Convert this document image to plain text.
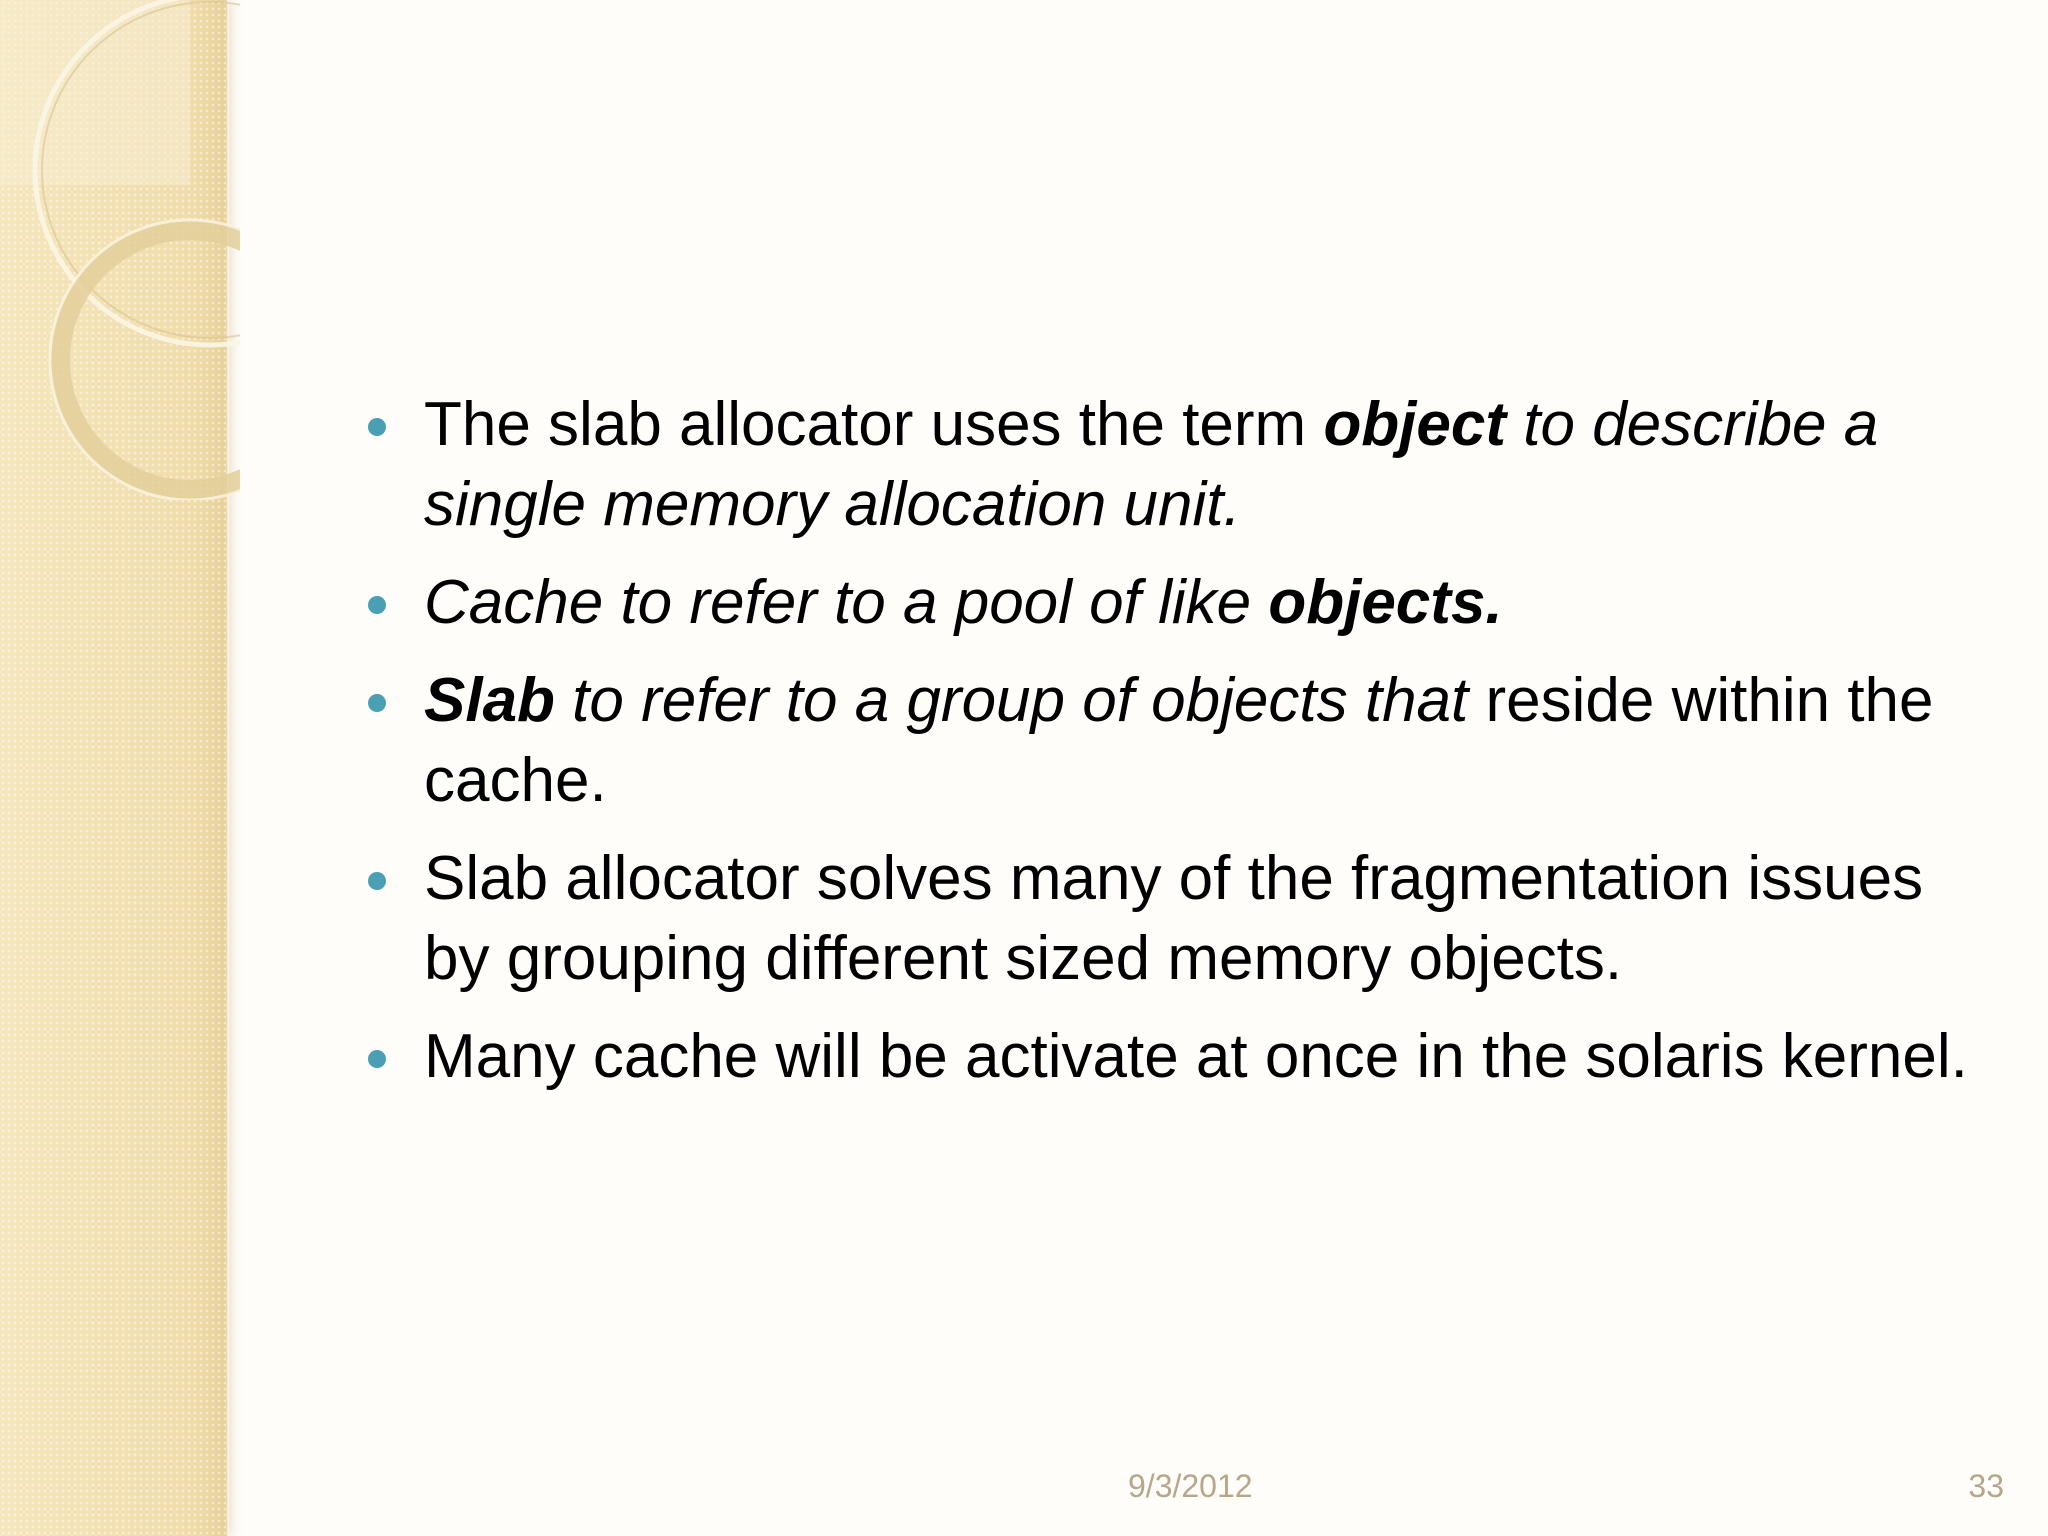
The slab allocator uses the term object to describe a single memory allocation unit.
Cache to refer to a pool of like objects.
Slab to refer to a group of objects that reside within the cache.
Slab allocator solves many of the fragmentation issues by grouping different sized memory objects.
Many cache will be activate at once in the solaris kernel.
9/3/2012	33
